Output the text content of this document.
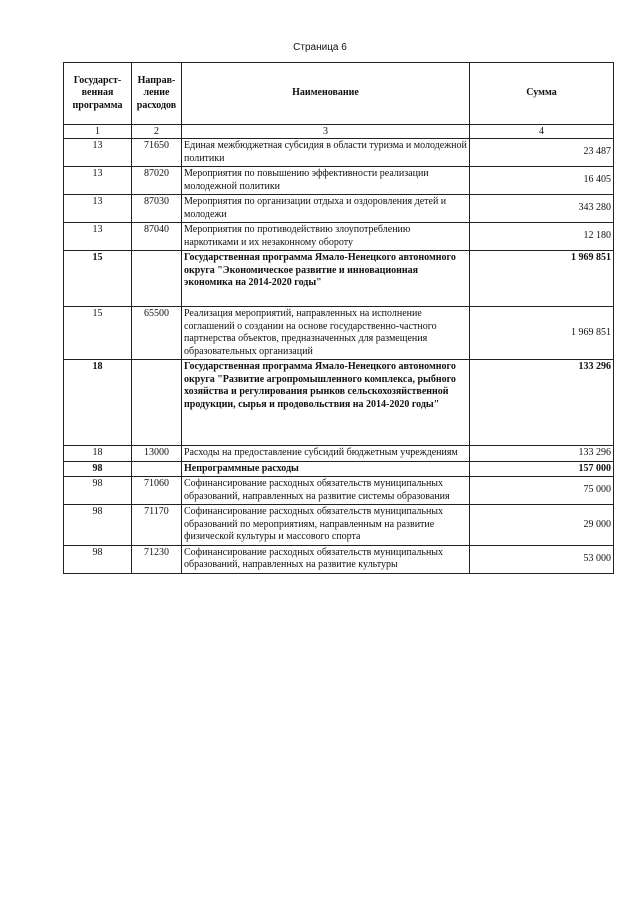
Страница 6
Государст-венная программа	Направ-ление расходов	Наименование	Сумма
1	2	3	4
13	71650	Единая межбюджетная субсидия в области туризма и молодежной политики	23 487
13	87020	Мероприятия по повышению эффективности реализации молодежной политики	16 405
13	87030	Мероприятия по организации отдыха и оздоровления детей и молодежи	343 280
13	87040	Мероприятия по противодействию злоупотреблению наркотиками и их незаконному обороту	12 180
15		Государственная программа Ямало-Ненецкого автономного округа "Экономическое развитие и инновационная экономика на 2014-2020 годы"	1 969 851
15	65500	Реализация мероприятий, направленных на исполнение соглашений о создании на основе государственно-частного партнерства объектов, предназначенных для размещения образовательных организаций	1 969 851
18		Государственная программа Ямало-Ненецкого автономного округа "Развитие агропромышленного комплекса, рыбного хозяйства и регулирования рынков сельскохозяйственной продукции, сырья и продовольствия на 2014-2020 годы"	133 296
18	13000	Расходы на предоставление субсидий бюджетным учреждениям	133 296
98		Непрограммные расходы	157 000
98	71060	Софинансирование расходных обязательств муниципальных образований, направленных на развитие системы образования	75 000
98	71170	Софинансирование расходных обязательств муниципальных образований по мероприятиям, направленным на развитие физической культуры и массового спорта	29 000
98	71230	Софинансирование расходных обязательств муниципальных образований, направленных на развитие культуры	53 000
